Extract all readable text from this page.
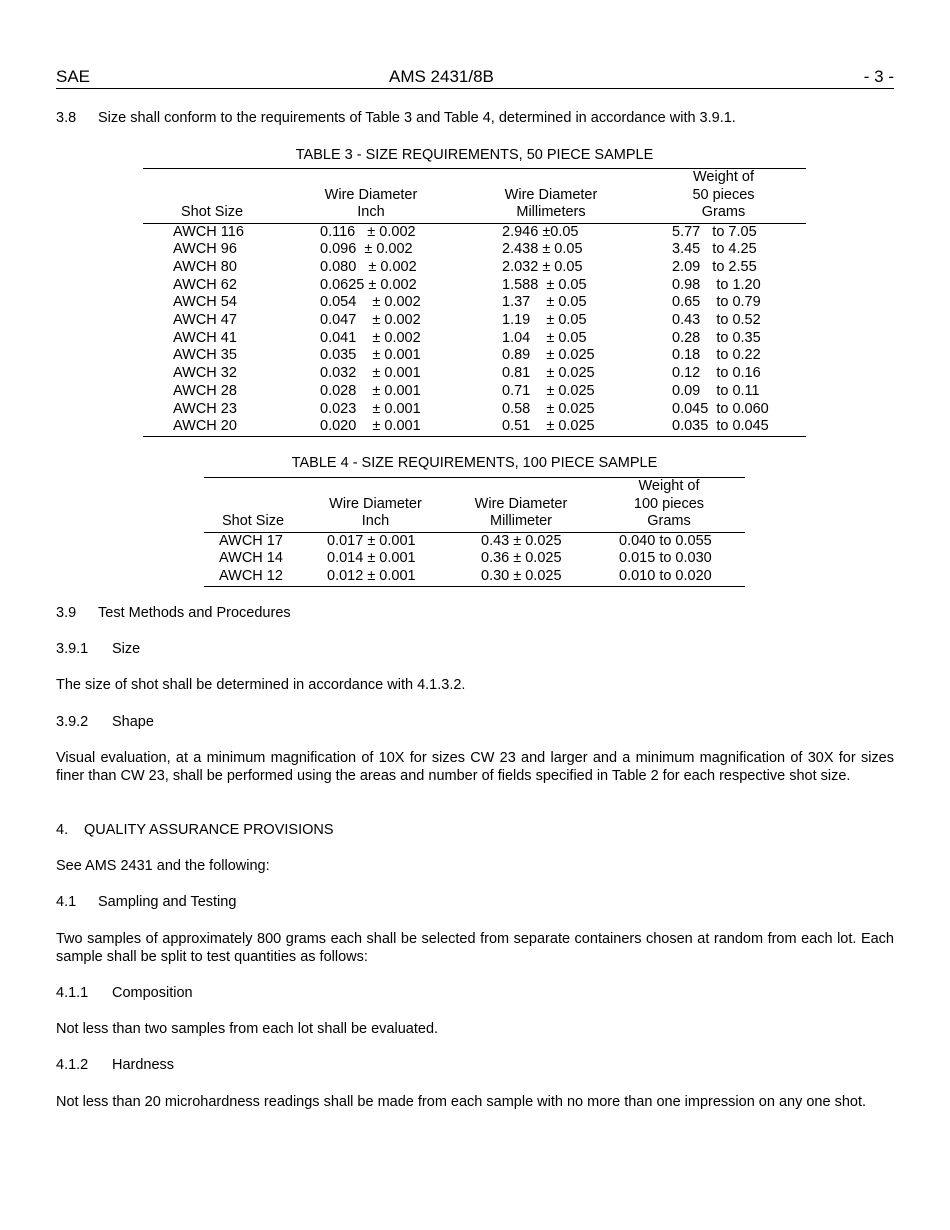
SAE	AMS 2431/8B	- 3 -
3.8 Size shall conform to the requirements of Table 3 and Table 4, determined in accordance with 3.9.1.
TABLE 3 - SIZE REQUIREMENTS, 50 PIECE SAMPLE
			Weight of
	Wire Diameter	Wire Diameter	50 pieces
Shot Size	Inch	Millimeters	Grams
AWCH 116	0.116   ± 0.002	2.946 ±0.05	5.77   to 7.05
AWCH 96	0.096  ± 0.002	2.438 ± 0.05	3.45   to 4.25
AWCH 80	0.080   ± 0.002	2.032 ± 0.05	2.09   to 2.55
AWCH 62	0.0625 ± 0.002	1.588  ± 0.05	0.98    to 1.20
AWCH 54	0.054    ± 0.002	1.37    ± 0.05	0.65    to 0.79
AWCH 47	0.047    ± 0.002	1.19    ± 0.05	0.43    to 0.52
AWCH 41	0.041    ± 0.002	1.04    ± 0.05	0.28    to 0.35
AWCH 35	0.035    ± 0.001	0.89    ± 0.025	0.18    to 0.22
AWCH 32	0.032    ± 0.001	0.81    ± 0.025	0.12    to 0.16
AWCH 28	0.028    ± 0.001	0.71    ± 0.025	0.09    to 0.11
AWCH 23	0.023    ± 0.001	0.58    ± 0.025	0.045  to 0.060
AWCH 20	0.020    ± 0.001	0.51    ± 0.025	0.035  to 0.045
TABLE 4 - SIZE REQUIREMENTS, 100 PIECE SAMPLE
			Weight of
	Wire Diameter	Wire Diameter	100 pieces
Shot Size	Inch	Millimeter	Grams
AWCH 17	0.017 ± 0.001	0.43 ± 0.025	0.040 to 0.055
AWCH 14	0.014 ± 0.001	0.36 ± 0.025	0.015 to 0.030
AWCH 12	0.012 ± 0.001	0.30 ± 0.025	0.010 to 0.020
3.9 Test Methods and Procedures
3.9.1 Size
The size of shot shall be determined in accordance with 4.1.3.2.
3.9.2 Shape
Visual evaluation, at a minimum magnification of 10X for sizes CW 23 and larger and a minimum magnification of 30X for sizes finer than CW 23, shall be performed using the areas and number of fields specified in Table 2 for each respective shot size.
4. QUALITY ASSURANCE PROVISIONS
See AMS 2431 and the following:
4.1 Sampling and Testing
Two samples of approximately 800 grams each shall be selected from separate containers chosen at random from each lot. Each sample shall be split to test quantities as follows:
4.1.1 Composition
Not less than two samples from each lot shall be evaluated.
4.1.2 Hardness
Not less than 20 microhardness readings shall be made from each sample with no more than one impression on any one shot.
